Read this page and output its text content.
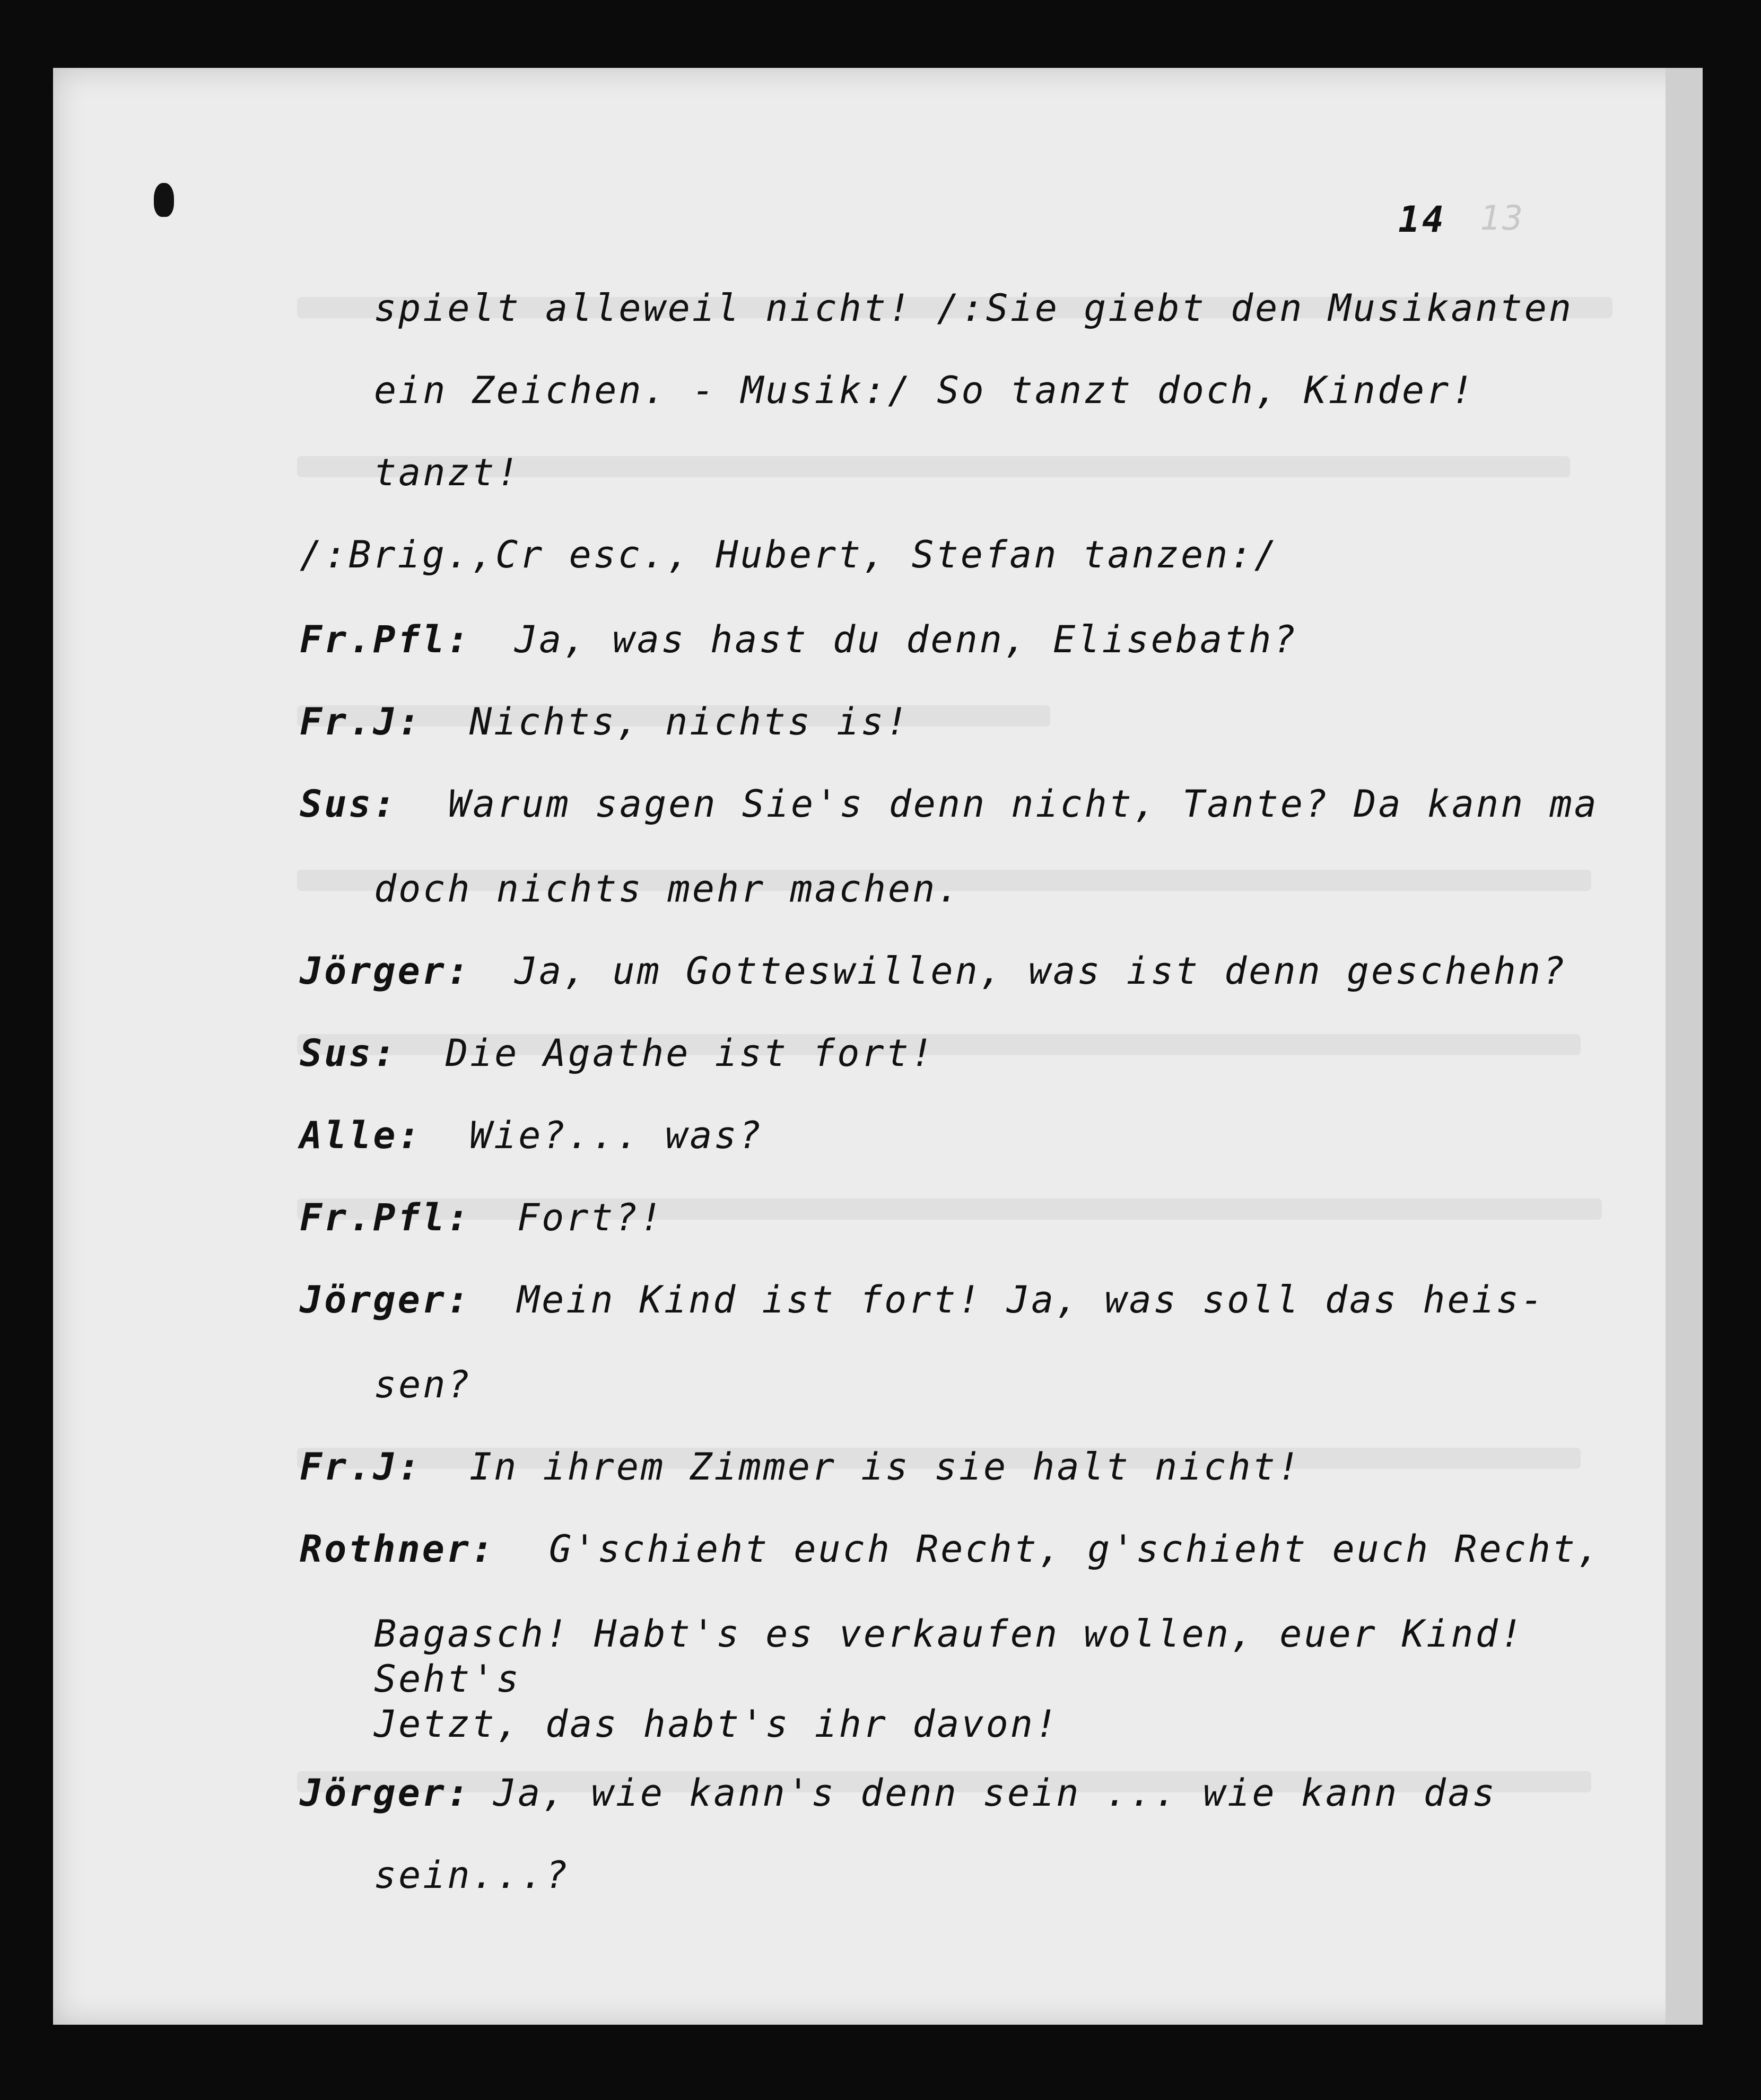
14 13
spielt alleweil nicht! /:Sie giebt den Musikanten
ein Zeichen. - Musik:/ So tanzt doch, Kinder!
tanzt!
/:Brig.,Cr esc., Hubert, Stefan tanzen:/
Fr.Pfl: Ja, was hast du denn, Elisebath?
Fr.J: Nichts, nichts is!
Sus: Warum sagen Sie's denn nicht, Tante? Da kann ma
doch nichts mehr machen.
Jörger: Ja, um Gotteswillen, was ist denn geschehn?
Sus: Die Agathe ist fort!
Alle: Wie?... was?
Fr.Pfl: Fort?!
Jörger: Mein Kind ist fort! Ja, was soll das heis-
sen?
Fr.J: In ihrem Zimmer is sie halt nicht!
Rothner: G'schieht euch Recht, g'schieht euch Recht,
Bagasch! Habt's es verkaufen wollen, euer Kind!
Seht's
Jetzt, das habt's ihr davon!
Jörger: Ja, wie kann's denn sein ... wie kann das
sein...?
